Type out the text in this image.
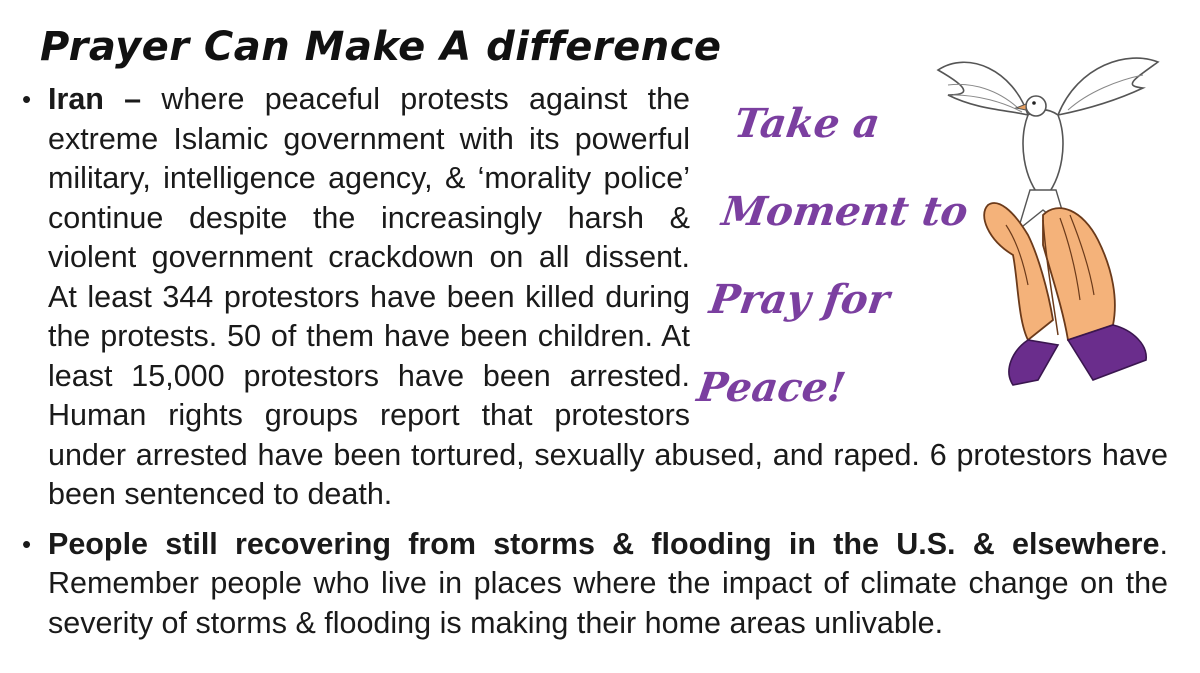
Prayer Can Make A difference
Take a
Moment to
Pray for
Peace!
• Iran – where peaceful protests against the extreme Islamic government with its powerful military, intelligence agency, & ‘morality police’ continue despite the increasingly harsh & violent government crackdown on all dissent. At least 344 protestors have been killed during the protests. 50 of them have been children. At least 15,000 protestors have been arrested. Human rights groups report that protestors under arrested have been tortured, sexually abused, and raped. 6 protestors have been sentenced to death.
• People still recovering from storms & flooding in the U.S. & elsewhere. Remember people who live in places where the impact of climate change on the severity of storms & flooding is making their home areas unlivable.
